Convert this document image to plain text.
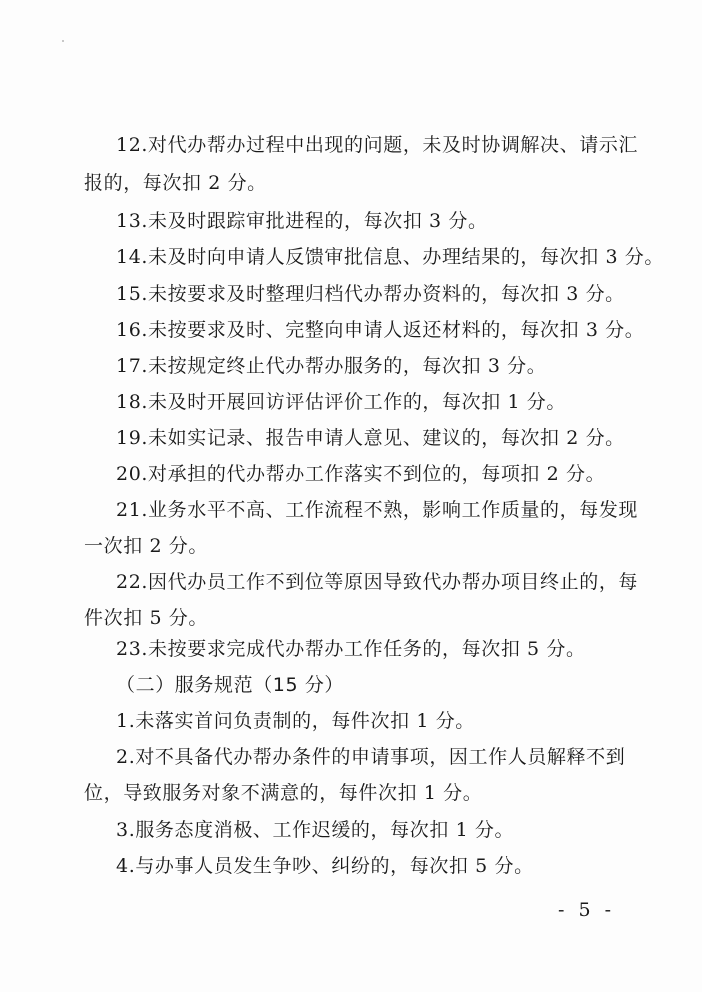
12.对代办帮办过程中出现的问题，未及时协调解决、请示汇
报的，每次扣 2 分。
13.未及时跟踪审批进程的，每次扣 3 分。
14.未及时向申请人反馈审批信息、办理结果的，每次扣 3 分。
15.未按要求及时整理归档代办帮办资料的，每次扣 3 分。
16.未按要求及时、完整向申请人返还材料的，每次扣 3 分。
17.未按规定终止代办帮办服务的，每次扣 3 分。
18.未及时开展回访评估评价工作的，每次扣 1 分。
19.未如实记录、报告申请人意见、建议的，每次扣 2 分。
20.对承担的代办帮办工作落实不到位的，每项扣 2 分。
21.业务水平不高、工作流程不熟，影响工作质量的，每发现
一次扣 2 分。
22.因代办员工作不到位等原因导致代办帮办项目终止的，每
件次扣 5 分。
23.未按要求完成代办帮办工作任务的，每次扣 5 分。
（二）服务规范（15 分）
1.未落实首问负责制的，每件次扣 1 分。
2.对不具备代办帮办条件的申请事项，因工作人员解释不到
位，导致服务对象不满意的，每件次扣 1 分。
3.服务态度消极、工作迟缓的，每次扣 1 分。
4.与办事人员发生争吵、纠纷的，每次扣 5 分。
- 5 -
